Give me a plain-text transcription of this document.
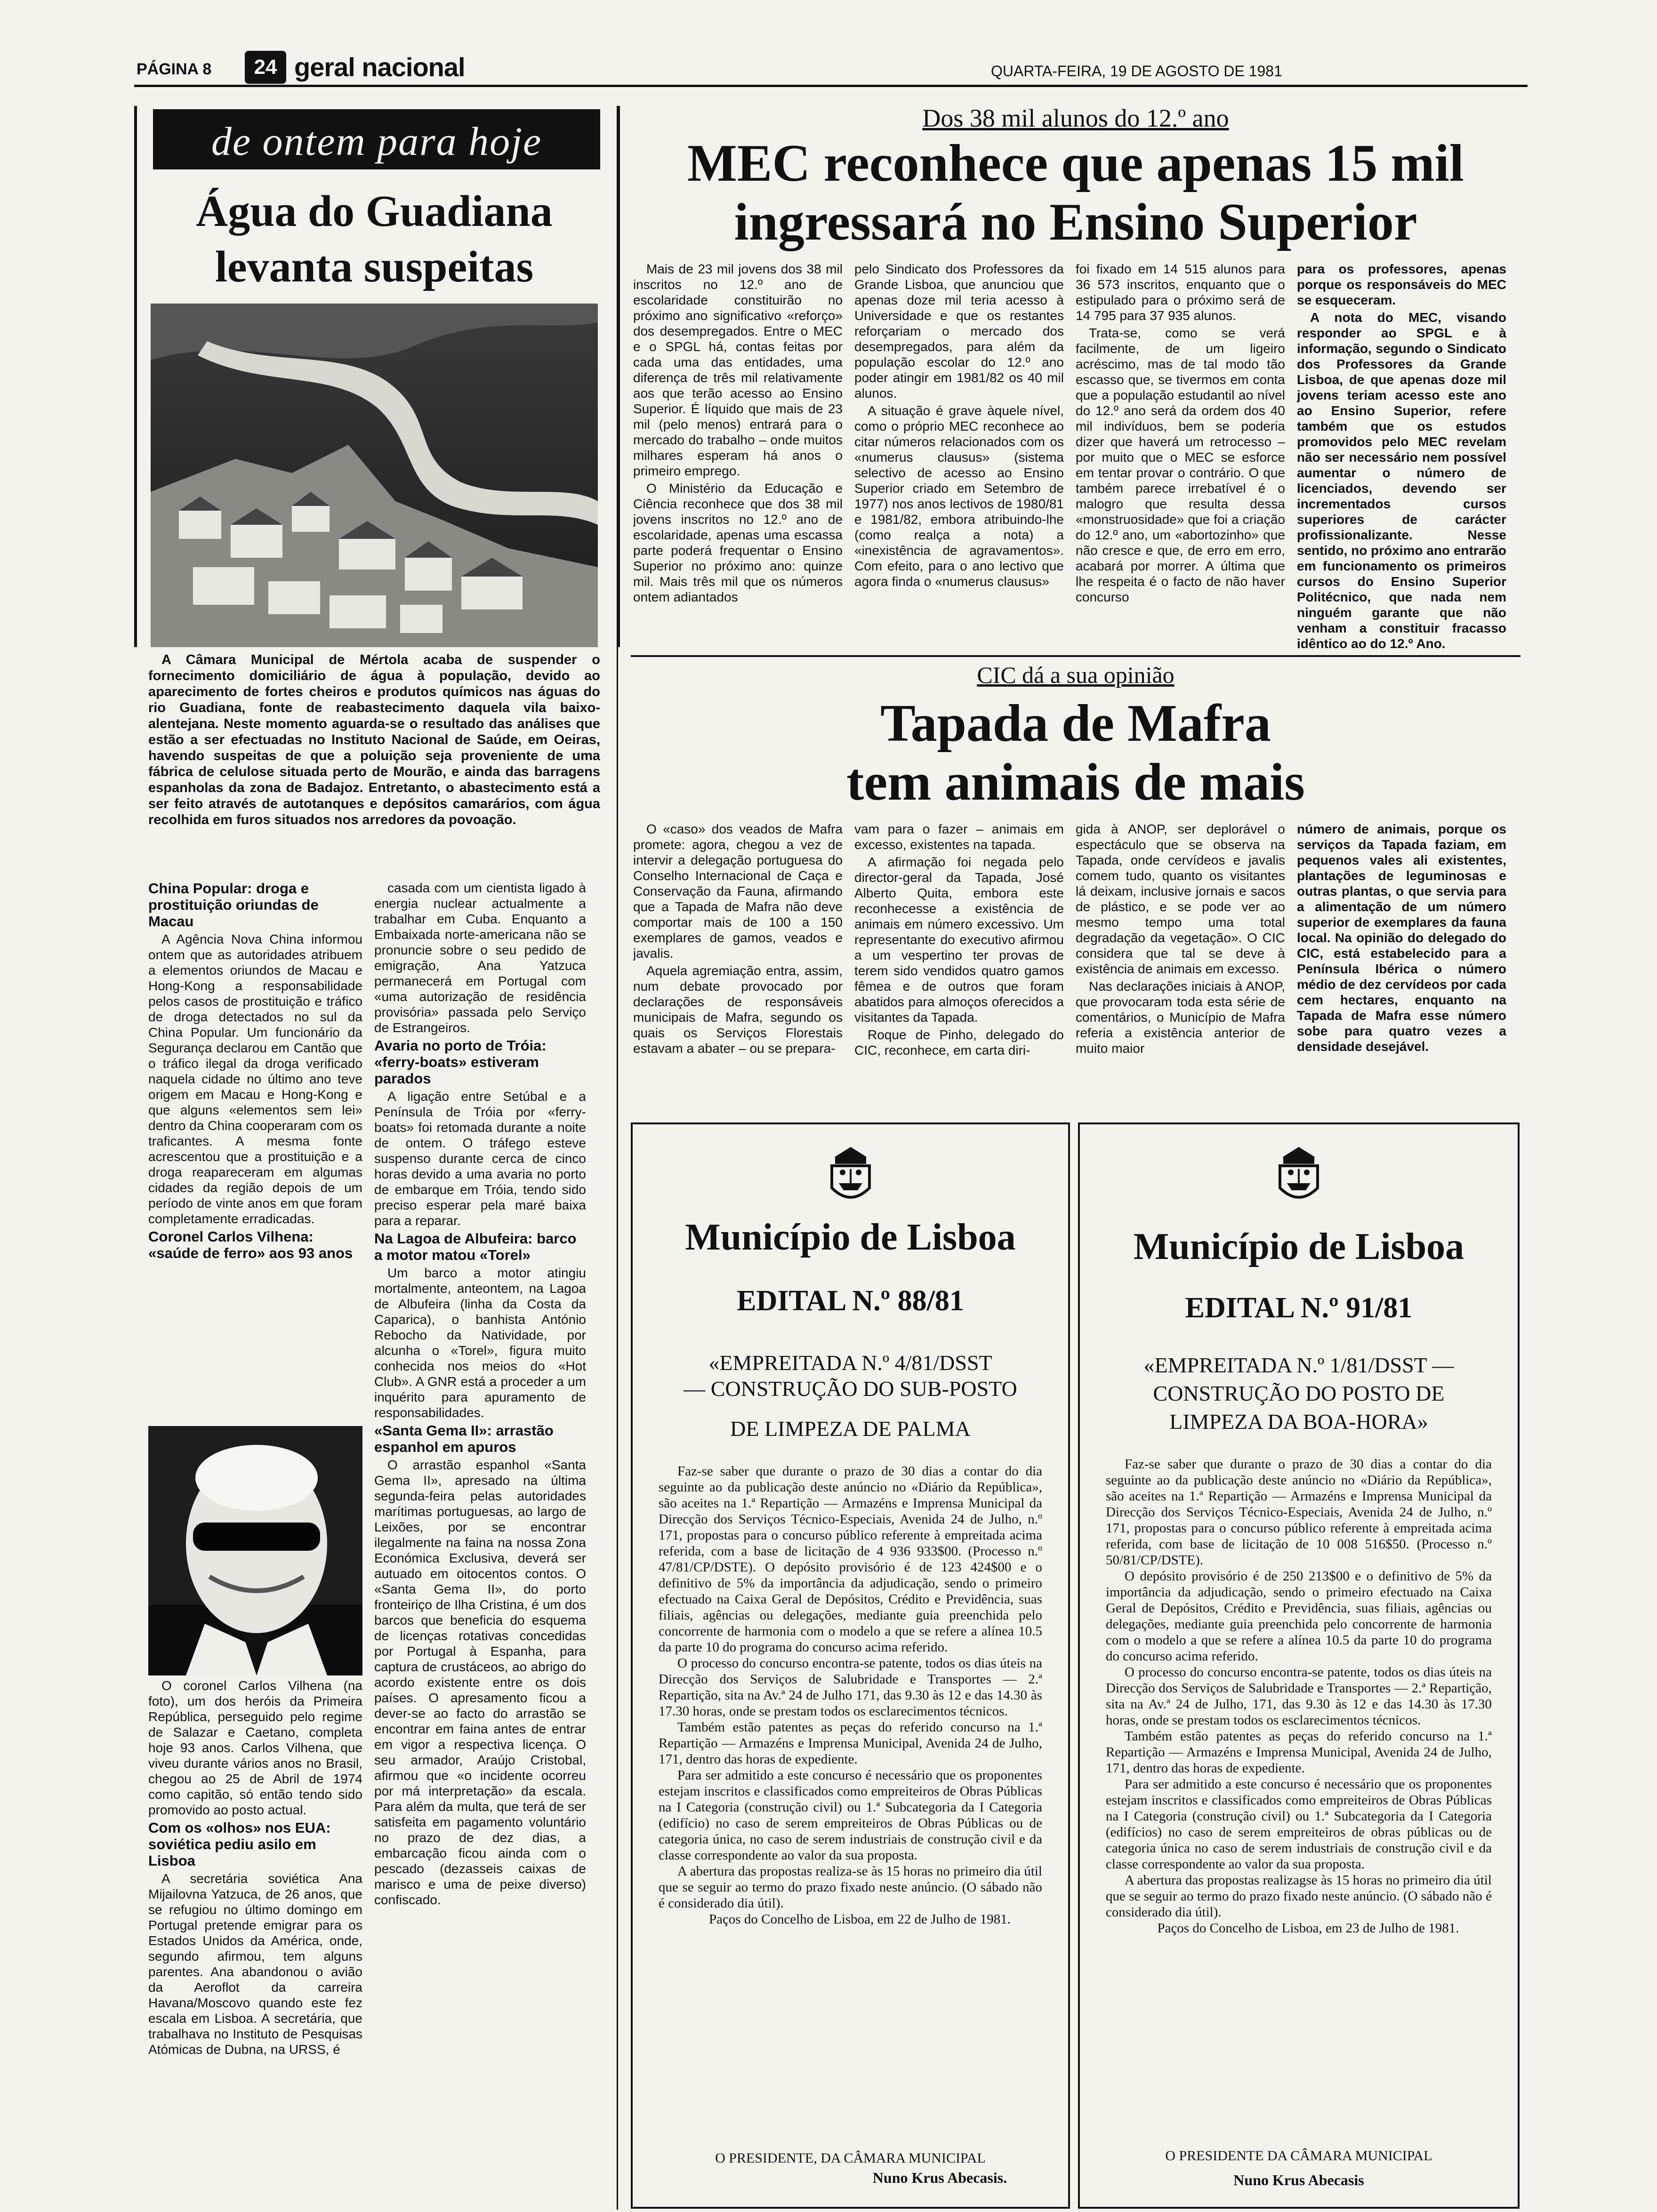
PÁGINA 8	24 geral nacional	QUARTA-FEIRA, 19 DE AGOSTO DE 1981
de ontem para hoje
Água do Guadiana levanta suspeitas

A Câmara Municipal de Mértola acaba de suspender o fornecimento domiciliário de água à população, devido ao aparecimento de fortes cheiros e produtos químicos nas águas do rio Guadiana, fonte de reabastecimento daquela vila baixo-alentejana. Neste momento aguarda-se o resultado das análises que estão a ser efectuadas no Instituto Nacional de Saúde, em Oeiras, havendo suspeitas de que a poluição seja proveniente de uma fábrica de celulose situada perto de Mourão, e ainda das barragens espanholas da zona de Badajoz. Entretanto, o abastecimento está a ser feito através de autotanques e depósitos camarários, com água recolhida em furos situados nos arredores da povoação.

China Popular: droga e prostituição oriundas de Macau

A Agência Nova China informou ontem que as autoridades atribuem a elementos oriundos de Macau e Hong-Kong a responsabilidade pelos casos de prostituição e tráfico de droga detectados no sul da China Popular. Um funcionário da Segurança declarou em Cantão que o tráfico ilegal da droga verificado naquela cidade no último ano teve origem em Macau e Hong-Kong e que alguns «elementos sem lei» dentro da China cooperaram com os traficantes. A mesma fonte acrescentou que a prostituição e a droga reapareceram em algumas cidades da região depois de um período de vinte anos em que foram completamente erradicadas.

Coronel Carlos Vilhena: «saúde de ferro» aos 93 anos

O coronel Carlos Vilhena (na foto), um dos heróis da Primeira República, perseguido pelo regime de Salazar e Caetano, completa hoje 93 anos. Carlos Vilhena, que viveu durante vários anos no Brasil, chegou ao 25 de Abril de 1974 como capitão, só então tendo sido promovido ao posto actual.

Com os «olhos» nos EUA: soviética pediu asilo em Lisboa

A secretária soviética Ana Mijailovna Yatzuca, de 26 anos, que se refugiou no último domingo em Portugal pretende emigrar para os Estados Unidos da América, onde, segundo afirmou, tem alguns parentes. Ana abandonou o avião da Aeroflot da carreira Havana/Moscovo quando este fez escala em Lisboa. A secretária, que trabalhava no Instituto de Pesquisas Atómicas de Dubna, na URSS, é

casada com um cientista ligado à energia nuclear actualmente a trabalhar em Cuba. Enquanto a Embaixada norte-americana não se pronuncie sobre o seu pedido de emigração, Ana Yatzuca permanecerá em Portugal com «uma autorização de residência provisória» passada pelo Serviço de Estrangeiros.

Avaria no porto de Tróia: «ferry-boats» estiveram parados

A ligação entre Setúbal e a Península de Tróia por «ferry-boats» foi retomada durante a noite de ontem. O tráfego esteve suspenso durante cerca de cinco horas devido a uma avaria no porto de embarque em Tróia, tendo sido preciso esperar pela maré baixa para a reparar.

Na Lagoa de Albufeira: barco a motor matou «Torel»

Um barco a motor atingiu mortalmente, anteontem, na Lagoa de Albufeira (linha da Costa da Caparica), o banhista António Rebocho da Natividade, por alcunha o «Torel», figura muito conhecida nos meios do «Hot Club». A GNR está a proceder a um inquérito para apuramento de responsabilidades.

«Santa Gema II»: arrastão espanhol em apuros

O arrastão espanhol «Santa Gema II», apresado na última segunda-feira pelas autoridades marítimas portuguesas, ao largo de Leixões, por se encontrar ilegalmente na faina na nossa Zona Económica Exclusiva, deverá ser autuado em oitocentos contos. O «Santa Gema II», do porto fronteiriço de Ilha Cristina, é um dos barcos que beneficia do esquema de licenças rotativas concedidas por Portugal à Espanha, para captura de crustáceos, ao abrigo do acordo existente entre os dois países. O apresamento ficou a dever-se ao facto do arrastão se encontrar em faina antes de entrar em vigor a respectiva licença. O seu armador, Araújo Cristobal, afirmou que «o incidente ocorreu por má interpretação» da escala. Para além da multa, que terá de ser satisfeita em pagamento voluntário no prazo de dez dias, a embarcação ficou ainda com o pescado (dezasseis caixas de marisco e uma de peixe diverso) confiscado.

Dos 38 mil alunos do 12.º ano
MEC reconhece que apenas 15 mil
ingressará no Ensino Superior

Mais de 23 mil jovens dos 38 mil inscritos no 12.º ano de escolaridade constituirão no próximo ano significativo «reforço» dos desempregados. Entre o MEC e o SPGL há, contas feitas por cada uma das entidades, uma diferença de três mil relativamente aos que terão acesso ao Ensino Superior. É líquido que mais de 23 mil (pelo menos) entrará para o mercado do trabalho – onde muitos milhares esperam há anos o primeiro emprego.

O Ministério da Educação e Ciência reconhece que dos 38 mil jovens inscritos no 12.º ano de escolaridade, apenas uma escassa parte poderá frequentar o Ensino Superior no próximo ano: quinze mil. Mais três mil que os números ontem adiantados

pelo Sindicato dos Professores da Grande Lisboa, que anunciou que apenas doze mil teria acesso à Universidade e que os restantes reforçariam o mercado dos desempregados, para além da população escolar do 12.º ano poder atingir em 1981/82 os 40 mil alunos.

A situação é grave àquele nível, como o próprio MEC reconhece ao citar números relacionados com os «numerus clausus» (sistema selectivo de acesso ao Ensino Superior criado em Setembro de 1977) nos anos lectivos de 1980/81 e 1981/82, embora atribuindo-lhe (como realça a nota) a «inexistência de agravamentos». Com efeito, para o ano lectivo que agora finda o «numerus clausus»

foi fixado em 14 515 alunos para 36 573 inscritos, enquanto que o estipulado para o próximo será de 14 795 para 37 935 alunos.

Trata-se, como se verá facilmente, de um ligeiro acréscimo, mas de tal modo tão escasso que, se tivermos em conta que a população estudantil ao nível do 12.º ano será da ordem dos 40 mil indivíduos, bem se poderia dizer que haverá um retrocesso – por muito que o MEC se esforce em tentar provar o contrário. O que também parece irrebatível é o malogro que resulta dessa «monstruosidade» que foi a criação do 12.º ano, um «abortozinho» que não cresce e que, de erro em erro, acabará por morrer. A última que lhe respeita é o facto de não haver concurso

para os professores, apenas porque os responsáveis do MEC se esqueceram.

A nota do MEC, visando responder ao SPGL e à informação, segundo o Sindicato dos Professores da Grande Lisboa, de que apenas doze mil jovens teriam acesso este ano ao Ensino Superior, refere também que os estudos promovidos pelo MEC revelam não ser necessário nem possível aumentar o número de licenciados, devendo ser incrementados cursos superiores de carácter profissionalizante. Nesse sentido, no próximo ano entrarão em funcionamento os primeiros cursos do Ensino Superior Politécnico, que nada nem ninguém garante que não venham a constituir fracasso idêntico ao do 12.º Ano.

CIC dá a sua opinião
Tapada de Mafra
tem animais de mais

O «caso» dos veados de Mafra promete: agora, chegou a vez de intervir a delegação portuguesa do Conselho Internacional de Caça e Conservação da Fauna, afirmando que a Tapada de Mafra não deve comportar mais de 100 a 150 exemplares de gamos, veados e javalis.

Aquela agremiação entra, assim, num debate provocado por declarações de responsáveis municipais de Mafra, segundo os quais os Serviços Florestais estavam a abater – ou se prepara-

vam para o fazer – animais em excesso, existentes na tapada.

A afirmação foi negada pelo director-geral da Tapada, José Alberto Quita, embora este reconhecesse a existência de animais em número excessivo. Um representante do executivo afirmou a um vespertino ter provas de terem sido vendidos quatro gamos fêmea e de outros que foram abatidos para almoços oferecidos a visitantes da Tapada.

Roque de Pinho, delegado do CIC, reconhece, em carta diri-

gida à ANOP, ser deplorável o espectáculo que se observa na Tapada, onde cervídeos e javalis comem tudo, quanto os visitantes lá deixam, inclusive jornais e sacos de plástico, e se pode ver ao mesmo tempo uma total degradação da vegetação». O CIC considera que tal se deve à existência de animais em excesso.

Nas declarações iniciais à ANOP, que provocaram toda esta série de comentários, o Município de Mafra referia a existência anterior de muito maior

número de animais, porque os serviços da Tapada faziam, em pequenos vales ali existentes, plantações de leguminosas e outras plantas, o que servia para a alimentação de um número superior de exemplares da fauna local. Na opinião do delegado do CIC, está estabelecido para a Península Ibérica o número médio de dez cervídeos por cada cem hectares, enquanto na Tapada de Mafra esse número sobe para quatro vezes a densidade desejável.

Município de Lisboa
EDITAL N.º 88/81
«EMPREITADA N.º 4/81/DSST
— CONSTRUÇÃO DO SUB-POSTO
DE LIMPEZA DE PALMA

Faz-se saber que durante o prazo de 30 dias a contar do dia seguinte ao da publicação deste anúncio no «Diário da República», são aceites na 1.ª Repartição — Armazéns e Imprensa Municipal da Direcção dos Serviços Técnico-Especiais, Avenida 24 de Julho, n.º 171, propostas para o concurso público referente à empreitada acima referida, com a base de licitação de 4 936 933$00. (Processo n.º 47/81/CP/DSTE). O depósito provisório é de 123 424$00 e o definitivo de 5% da importância da adjudicação, sendo o primeiro efectuado na Caixa Geral de Depósitos, Crédito e Previdência, suas filiais, agências ou delegações, mediante guia preenchida pelo concorrente de harmonia com o modelo a que se refere a alínea 10.5 da parte 10 do programa do concurso acima referido.

O processo do concurso encontra-se patente, todos os dias úteis na Direcção dos Serviços de Salubridade e Transportes — 2.ª Repartição, sita na Av.ª 24 de Julho 171, das 9.30 às 12 e das 14.30 às 17.30 horas, onde se prestam todos os esclarecimentos técnicos.

Também estão patentes as peças do referido concurso na 1.ª Repartição — Armazéns e Imprensa Municipal, Avenida 24 de Julho, 171, dentro das horas de expediente.

Para ser admitido a este concurso é necessário que os proponentes estejam inscritos e classificados como empreiteiros de Obras Públicas na I Categoria (construção civil) ou 1.ª Subcategoria da I Categoria (edifício) no caso de serem empreiteiros de Obras Públicas ou de categoria única, no caso de serem industriais de construção civil e da classe correspondente ao valor da sua proposta.

A abertura das propostas realiza-se às 15 horas no primeiro dia útil que se seguir ao termo do prazo fixado neste anúncio. (O sábado não é considerado dia útil).

Paços do Concelho de Lisboa, em 22 de Julho de 1981.

O PRESIDENTE, DA CÂMARA MUNICIPAL
Nuno Krus Abecasis.
Município de Lisboa
EDITAL N.º 91/81
«EMPREITADA N.º 1/81/DSST —
CONSTRUÇÃO DO POSTO DE
LIMPEZA DA BOA-HORA»

Faz-se saber que durante o prazo de 30 dias a contar do dia seguinte ao da publicação deste anúncio no «Diário da República», são aceites na 1.ª Repartição — Armazéns e Imprensa Municipal da Direcção dos Serviços Técnico-Especiais, Avenida 24 de Julho, n.º 171, propostas para o concurso público referente à empreitada acima referida, com base de licitação de 10 008 516$50. (Processo n.º 50/81/CP/DSTE).

O depósito provisório é de 250 213$00 e o definitivo de 5% da importância da adjudicação, sendo o primeiro efectuado na Caixa Geral de Depósitos, Crédito e Previdência, suas filiais, agências ou delegações, mediante guia preenchida pelo concorrente de harmonia com o modelo a que se refere a alínea 10.5 da parte 10 do programa do concurso acima referido.

O processo do concurso encontra-se patente, todos os dias úteis na Direcção dos Serviços de Salubridade e Transportes — 2.ª Repartição, sita na Av.ª 24 de Julho, 171, das 9.30 às 12 e das 14.30 às 17.30 horas, onde se prestam todos os esclarecimentos técnicos.

Também estão patentes as peças do referido concurso na 1.ª Repartição — Armazéns e Imprensa Municipal, Avenida 24 de Julho, 171, dentro das horas de expediente.

Para ser admitido a este concurso é necessário que os proponentes estejam inscritos e classificados como empreiteiros de Obras Públicas na I Categoria (construção civil) ou 1.ª Subcategoria da I Categoria (edifícios) no caso de serem empreiteiros de obras públicas ou de categoria única no caso de serem industriais de construção civil e da classe correspondente ao valor da sua proposta.

A abertura das propostas realizagse às 15 horas no primeiro dia útil que se seguir ao termo do prazo fixado neste anúncio. (O sábado não é considerado dia útil).

Paços do Concelho de Lisboa, em 23 de Julho de 1981.

O PRESIDENTE DA CÂMARA MUNICIPAL
Nuno Krus Abecasis
